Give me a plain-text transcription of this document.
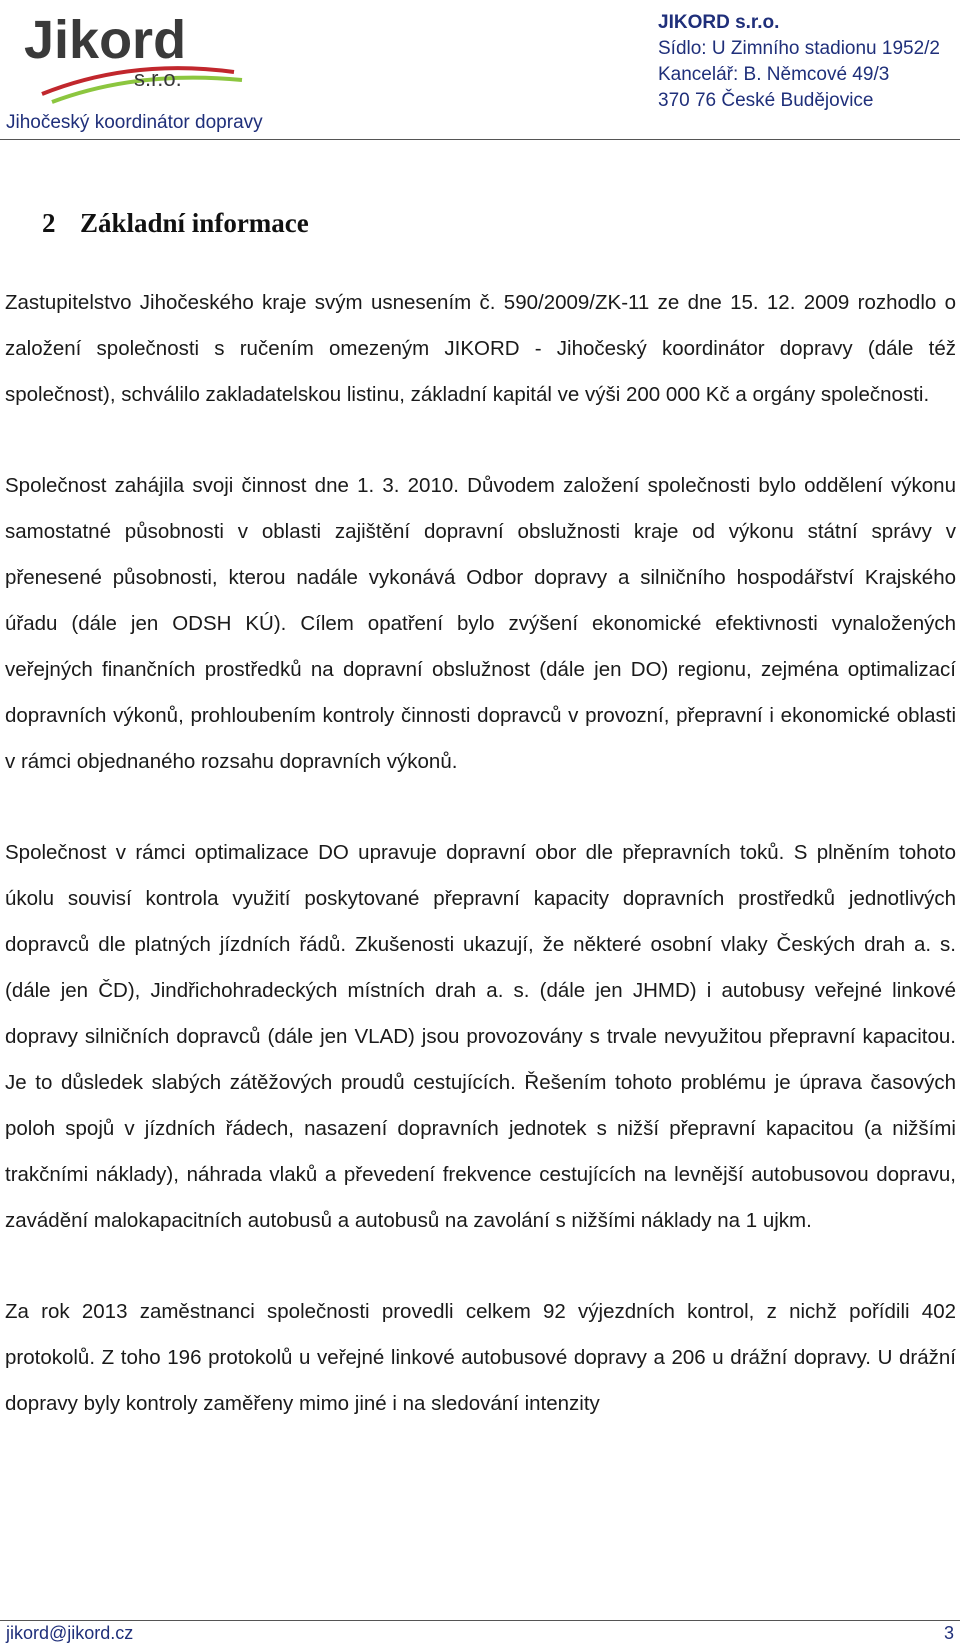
Jikord
s.r.o.
Jihočeský koordinátor dopravy
JIKORD s.r.o.
Sídlo: U Zimního stadionu 1952/2
Kancelář: B. Němcové 49/3
370 76 České Budějovice
2 Základní informace

Zastupitelstvo Jihočeského kraje svým usnesením č. 590/2009/ZK-11 ze dne 15. 12. 2009 rozhodlo o založení společnosti s ručením omezeným JIKORD - Jihočeský koordinátor dopravy (dále též společnost), schválilo zakladatelskou listinu, základní kapitál ve výši 200 000 Kč a orgány společnosti.

Společnost zahájila svoji činnost dne 1. 3. 2010. Důvodem založení společnosti bylo oddělení výkonu samostatné působnosti v oblasti zajištění dopravní obslužnosti kraje od výkonu státní správy v přenesené působnosti, kterou nadále vykonává Odbor dopravy a silničního hospodářství Krajského úřadu (dále jen ODSH KÚ). Cílem opatření bylo zvýšení ekonomické efektivnosti vynaložených veřejných finančních prostředků na dopravní obslužnost (dále jen DO) regionu, zejména optimalizací dopravních výkonů, prohloubením kontroly činnosti dopravců v provozní, přepravní i ekonomické oblasti v rámci objednaného rozsahu dopravních výkonů.

Společnost v rámci optimalizace DO upravuje dopravní obor dle přepravních toků. S plněním tohoto úkolu souvisí kontrola využití poskytované přepravní kapacity dopravních prostředků jednotlivých dopravců dle platných jízdních řádů. Zkušenosti ukazují, že některé osobní vlaky Českých drah a. s. (dále jen ČD), Jindřichohradeckých místních drah a. s. (dále jen JHMD) i autobusy veřejné linkové dopravy silničních dopravců (dále jen VLAD) jsou provozovány s trvale nevyužitou přepravní kapacitou. Je to důsledek slabých zátěžových proudů cestujících. Řešením tohoto problému je úprava časových poloh spojů v jízdních řádech, nasazení dopravních jednotek s nižší přepravní kapacitou (a nižšími trakčními náklady), náhrada vlaků a převedení frekvence cestujících na levnější autobusovou dopravu, zavádění malokapacitních autobusů a autobusů na zavolání s nižšími náklady na 1 ujkm.

Za rok 2013 zaměstnanci společnosti provedli celkem 92 výjezdních kontrol, z nichž pořídili 402 protokolů. Z toho 196 protokolů u veřejné linkové autobusové dopravy a 206 u drážní dopravy. U drážní dopravy byly kontroly zaměřeny mimo jiné i na sledování intenzity

jikord@jikord.cz	3
